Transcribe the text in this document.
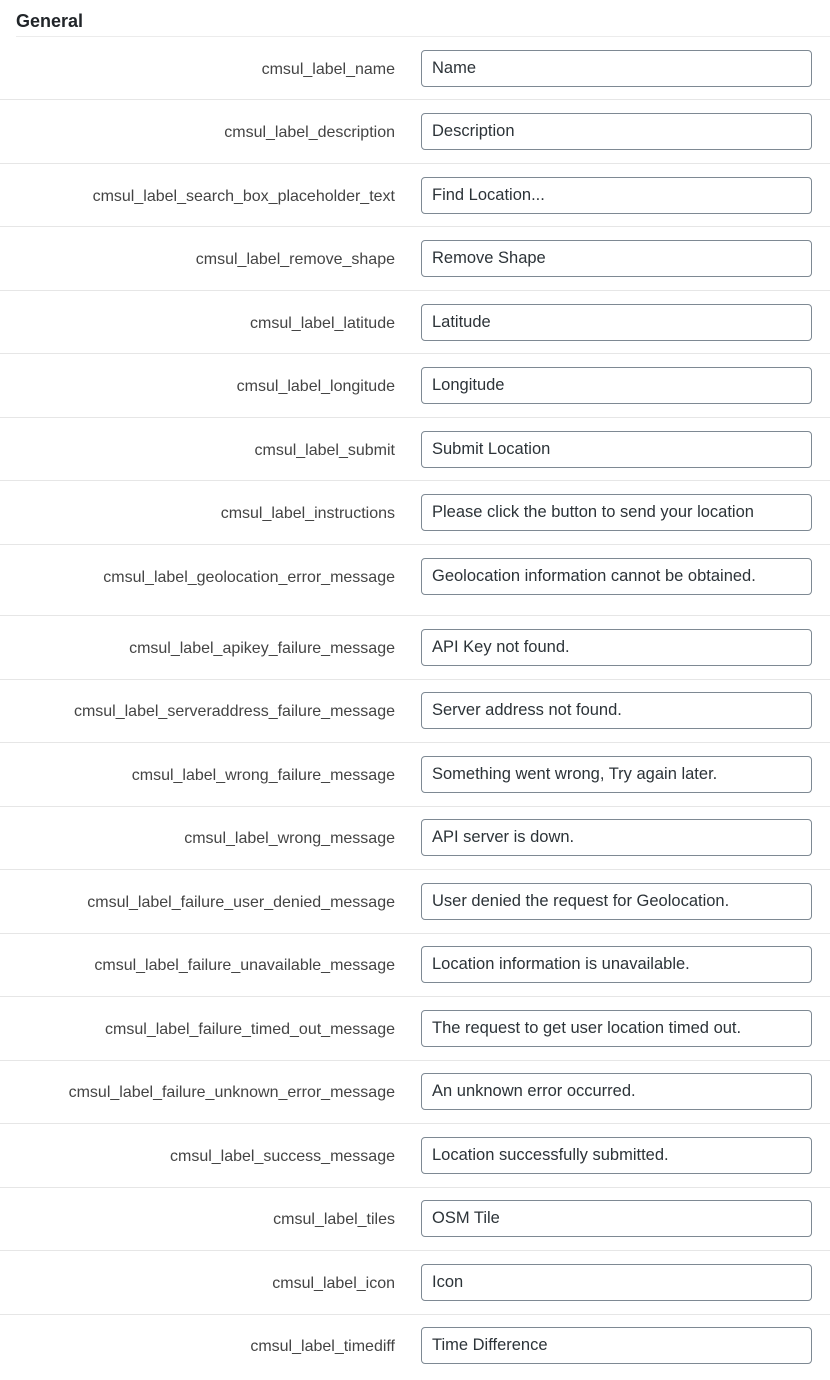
General
cmsul_label_name
Name
cmsul_label_description
Description
cmsul_label_search_box_placeholder_text
Find Location...
cmsul_label_remove_shape
Remove Shape
cmsul_label_latitude
Latitude
cmsul_label_longitude
Longitude
cmsul_label_submit
Submit Location
cmsul_label_instructions
Please click the button to send your location
cmsul_label_geolocation_error_message
Geolocation information cannot be obtained.
cmsul_label_apikey_failure_message
API Key not found.
cmsul_label_serveraddress_failure_message
Server address not found.
cmsul_label_wrong_failure_message
Something went wrong, Try again later.
cmsul_label_wrong_message
API server is down.
cmsul_label_failure_user_denied_message
User denied the request for Geolocation.
cmsul_label_failure_unavailable_message
Location information is unavailable.
cmsul_label_failure_timed_out_message
The request to get user location timed out.
cmsul_label_failure_unknown_error_message
An unknown error occurred.
cmsul_label_success_message
Location successfully submitted.
cmsul_label_tiles
OSM Tile
cmsul_label_icon
Icon
cmsul_label_timediff
Time Difference
